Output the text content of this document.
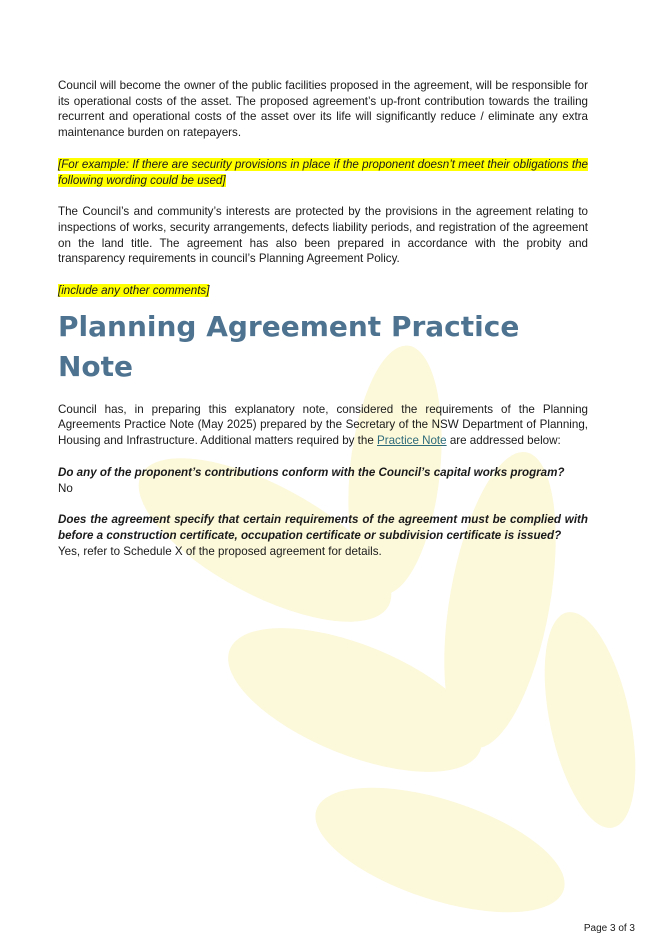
Council will become the owner of the public facilities proposed in the agreement, will be responsible for its operational costs of the asset. The proposed agreement’s up-front contribution towards the trailing recurrent and operational costs of the asset over its life will significantly reduce / eliminate any extra maintenance burden on ratepayers.

[For example: If there are security provisions in place if the proponent doesn’t meet their obligations the following wording could be used]

The Council’s and community’s interests are protected by the provisions in the agreement relating to inspections of works, security arrangements, defects liability periods, and registration of the agreement on the land title. The agreement has also been prepared in accordance with the probity and transparency requirements in council’s Planning Agreement Policy.

[include any other comments]

Planning Agreement Practice Note

Council has, in preparing this explanatory note, considered the requirements of the Planning Agreements Practice Note (May 2025) prepared by the Secretary of the NSW Department of Planning, Housing and Infrastructure. Additional matters required by the Practice Note are addressed below:

Do any of the proponent’s contributions conform with the Council’s capital works program?

No

Does the agreement specify that certain requirements of the agreement must be complied with before a construction certificate, occupation certificate or subdivision certificate is issued?

Yes, refer to Schedule X of the proposed agreement for details.

Page 3 of 3
